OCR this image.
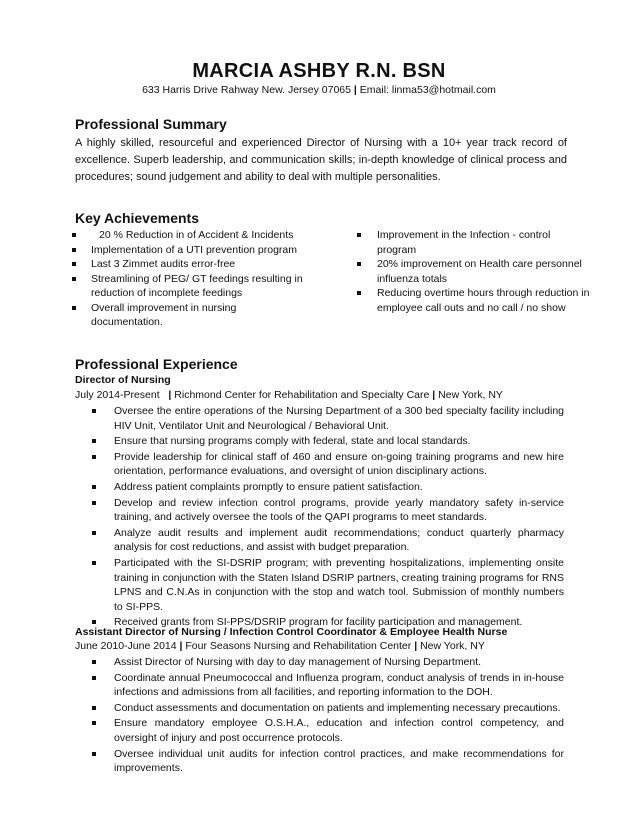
MARCIA ASHBY R.N. BSN
633 Harris Drive Rahway New. Jersey 07065 | Email: linma53@hotmail.com
Professional Summary
A highly skilled, resourceful and experienced Director of Nursing with a 10+ year track record of excellence. Superb leadership, and communication skills; in-depth knowledge of clinical process and procedures; sound judgement and ability to deal with multiple personalities.
Key Achievements
20 % Reduction in of Accident & Incidents
Implementation of a UTI prevention program
Last 3 Zimmet audits error-free
Streamlining of PEG/ GT feedings resulting in reduction of incomplete feedings
Overall improvement in nursing documentation.
Improvement in the Infection - control program
20% improvement on Health care personnel influenza totals
Reducing overtime hours through reduction in employee call outs and no call / no show
Professional Experience
Director of Nursing
July 2014-Present | Richmond Center for Rehabilitation and Specialty Care | New York, NY
Oversee the entire operations of the Nursing Department of a 300 bed specialty facility including HIV Unit, Ventilator Unit and Neurological / Behavioral Unit.
Ensure that nursing programs comply with federal, state and local standards.
Provide leadership for clinical staff of 460 and ensure on-going training programs and new hire orientation, performance evaluations, and oversight of union disciplinary actions.
Address patient complaints promptly to ensure patient satisfaction.
Develop and review infection control programs, provide yearly mandatory safety in-service training, and actively oversee the tools of the QAPI programs to meet standards.
Analyze audit results and implement audit recommendations; conduct quarterly pharmacy analysis for cost reductions, and assist with budget preparation.
Participated with the SI-DSRIP program; with preventing hospitalizations, implementing onsite training in conjunction with the Staten Island DSRIP partners, creating training programs for RNS LPNS and C.N.As in conjunction with the stop and watch tool. Submission of monthly numbers to SI-PPS.
Received grants from SI-PPS/DSRIP program for facility participation and management.
Assistant Director of Nursing / Infection Control Coordinator & Employee Health Nurse
June 2010-June 2014 | Four Seasons Nursing and Rehabilitation Center | New York, NY
Assist Director of Nursing with day to day management of Nursing Department.
Coordinate annual Pneumococcal and Influenza program, conduct analysis of trends in in-house infections and admissions from all facilities, and reporting information to the DOH.
Conduct assessments and documentation on patients and implementing necessary precautions.
Ensure mandatory employee O.S.H.A., education and infection control competency, and oversight of injury and post occurrence protocols.
Oversee individual unit audits for infection control practices, and make recommendations for improvements.
